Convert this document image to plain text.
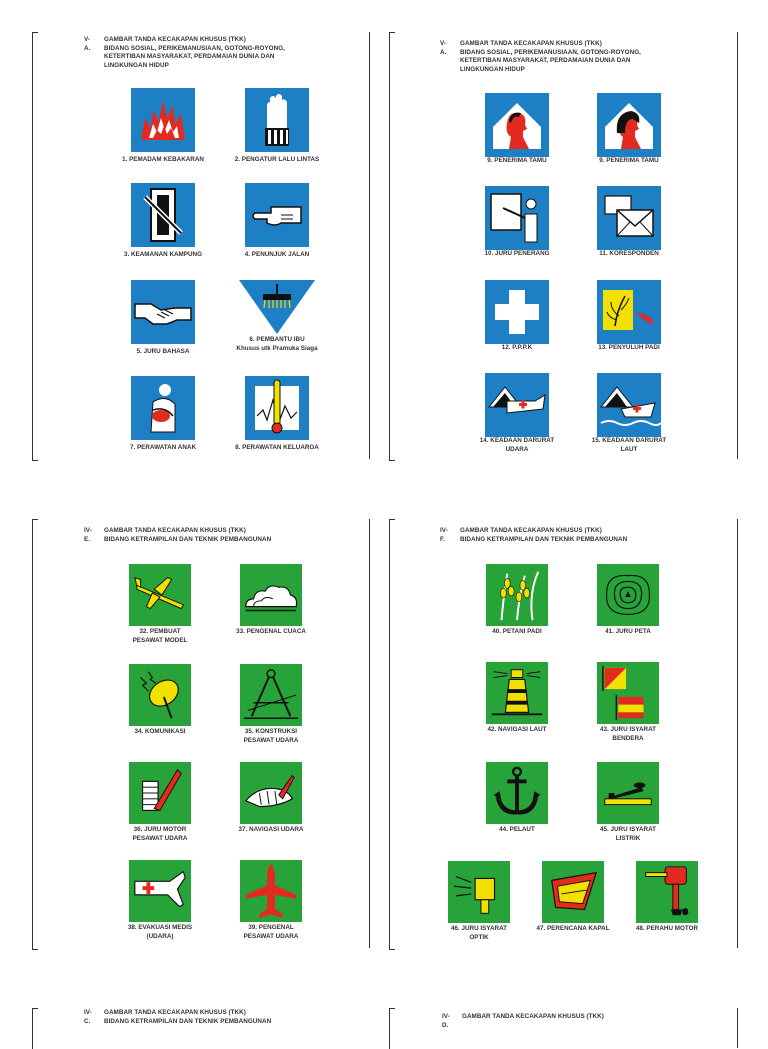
V-A.
GAMBAR TANDA KECAKAPAN KHUSUS (TKK)
BIDANG SOSIAL, PERIKEMANUSIAAN, GOTONG-ROYONG,
KETERTIBAN MASYARAKAT, PERDAMAIAN DUNIA DAN
LINGKUNGAN HIDUP
1. PEMADAM KEBAKARAN	2. PENGATUR LALU LINTAS
3. KEAMANAN KAMPUNG	4. PENUNJUK JALAN
5. JURU BAHASA
6. PEMBANTU IBU
Khusus utk Pramuka Siaga
7. PERAWATAN ANAK	8. PERAWATAN KELUARGA
V-A.
GAMBAR TANDA KECAKAPAN KHUSUS (TKK)
BIDANG SOSIAL, PERIKEMANUSIAAN, GOTONG-ROYONG,
KETERTIBAN MASYARAKAT, PERDAMAIAN DUNIA DAN
LINGKUNGAN HIDUP
9. PENERIMA TAMU	9. PENERIMA TAMU
10. JURU PENERANG	11. KORESPONDEN
12. P.P.P.K	13. PENYULUH PADI
14. KEADAAN DARURAT
UDARA
15. KEADAAN DARURAT
LAUT
IV-E.
GAMBAR TANDA KECAKAPAN KHUSUS (TKK)
BIDANG KETRAMPILAN DAN TEKNIK PEMBANGUNAN
32. PEMBUAT
PESAWAT MODEL
33. PENGENAL CUACA
34. KOMUNIKASI	35. KONSTRUKSI
PESAWAT UDARA
36. JURU MOTOR
PESAWAT UDARA
37. NAVIGASI UDARA
38. EVAKUASI MEDIS
(UDARA)
39. PENGENAL
PESAWAT UDARA
IV-F.
GAMBAR TANDA KECAKAPAN KHUSUS (TKK)
BIDANG KETRAMPILAN DAN TEKNIK PEMBANGUNAN
40. PETANI PADI	41. JURU PETA
42. NAVIGASI LAUT	43. JURU ISYARAT
BENDERA
44. PELAUT	45. JURU ISYARAT
LISTRIK
46. JURU ISYARAT
OPTIK
47. PERENCANA KAPAL	48. PERAHU MOTOR
IV-C.
GAMBAR TANDA KECAKAPAN KHUSUS (TKK)
BIDANG KETRAMPILAN DAN TEKNIK PEMBANGUNAN
IV-D.
GAMBAR TANDA KECAKAPAN KHUSUS (TKK)
